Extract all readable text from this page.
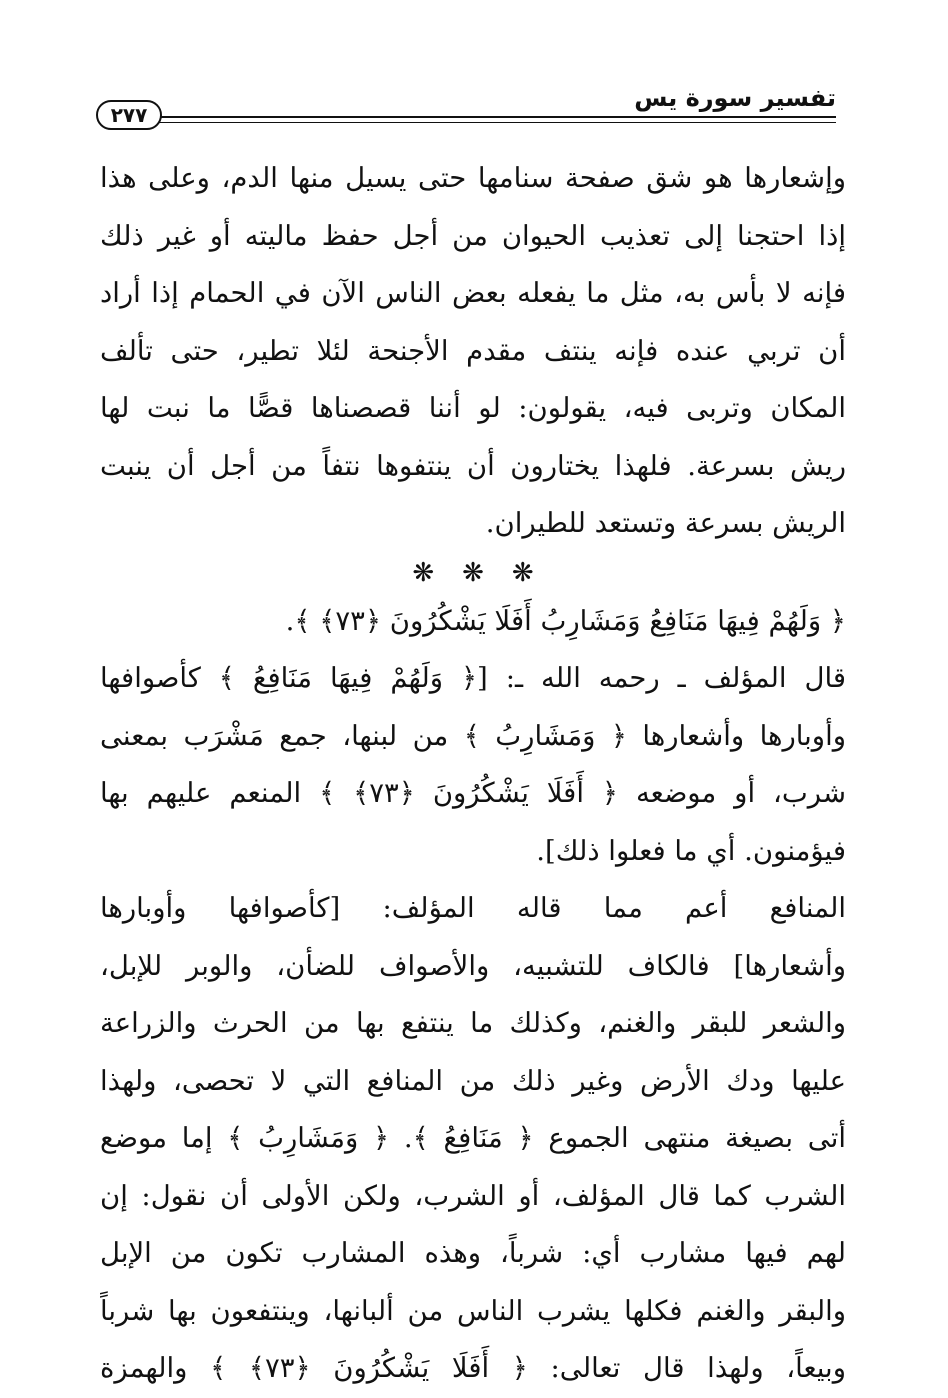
تفسير سورة يس
٢٧٧
وإشعارها هو شق صفحة سنامها حتى يسيل منها الدم، وعلى هذا
إذا احتجنا إلى تعذيب الحيوان من أجل حفظ ماليته أو غير ذلك
فإنه لا بأس به، مثل ما يفعله بعض الناس الآن في الحمام إذا أراد
أن تربي عنده فإنه ينتف مقدم الأجنحة لئلا تطير، حتى تألف
المكان وتربى فيه، يقولون: لو أننا قصصناها قصًّا ما نبت لها
ريش بسرعة. فلهذا يختارون أن ينتفوها نتفاً من أجل أن ينبت
الريش بسرعة وتستعد للطيران.
❋❋❋
﴿ وَلَهُمْ فِيهَا مَنَافِعُ وَمَشَارِبُ أَفَلَا يَشْكُرُونَ ﴿٧٣﴾ ﴾.
قال المؤلف ـ رحمه الله ـ: [﴿ وَلَهُمْ فِيهَا مَنَافِعُ ﴾ كأصوافها
وأوبارها وأشعارها ﴿ وَمَشَارِبُ ﴾ من لبنها، جمع مَشْرَب بمعنى
شرب، أو موضعه ﴿ أَفَلَا يَشْكُرُونَ ﴿٧٣﴾ ﴾ المنعم عليهم بها
فيؤمنون. أي ما فعلوا ذلك].
المنافع أعم مما قاله المؤلف: [كأصوافها وأوبارها
وأشعارها] فالكاف للتشبيه، والأصواف للضأن، والوبر للإبل،
والشعر للبقر والغنم، وكذلك ما ينتفع بها من الحرث والزراعة
عليها ودك الأرض وغير ذلك من المنافع التي لا تحصى، ولهذا
أتى بصيغة منتهى الجموع ﴿ مَنَافِعُ ﴾. ﴿ وَمَشَارِبُ ﴾ إما موضع
الشرب كما قال المؤلف، أو الشرب، ولكن الأولى أن نقول: إن
لهم فيها مشارب أي: شرباً، وهذه المشارب تكون من الإبل
والبقر والغنم فكلها يشرب الناس من ألبانها، وينتفعون بها شرباً
وبيعاً، ولهذا قال تعالى: ﴿ أَفَلَا يَشْكُرُونَ ﴿٧٣﴾ ﴾ والهمزة
